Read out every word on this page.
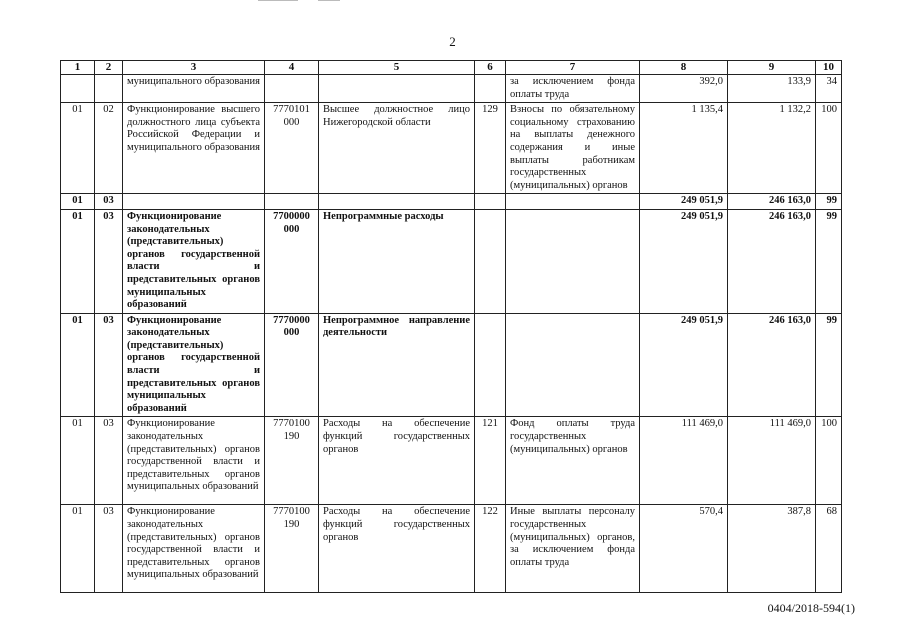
2
1	2	3	4	5	6	7	8	9	10
		муниципального образования				за исключением фонда оплаты труда	392,0	133,9	34
01	02	Функционирование высшего должностного лица субъекта Российской Федерации и муниципального образования	7770101 000	Высшее должностное лицо Нижегородской области	129	Взносы по обязательному социальному страхованию на выплаты денежного содержания и иные выплаты работникам государственных (муниципальных) органов	1 135,4	1 132,2	100
01	03						249 051,9	246 163,0	99
01	03	Функционирование законодательных (представительных) органов государственной власти и представительных органов муниципальных образований	7700000 000	Непрограммные расходы			249 051,9	246 163,0	99
01	03	Функционирование законодательных (представительных) органов государственной власти и представительных органов муниципальных образований	7770000 000	Непрограммное направление деятельности			249 051,9	246 163,0	99
01	03	Функционирование законодательных (представительных) органов государственной власти и представительных органов муниципальных образований	7770100 190	Расходы на обеспечение функций государственных органов	121	Фонд оплаты труда государственных (муниципальных) органов	111 469,0	111 469,0	100
01	03	Функционирование законодательных (представительных) органов государственной власти и представительных органов муниципальных образований	7770100 190	Расходы на обеспечение функций государственных органов	122	Иные выплаты персоналу государственных (муниципальных) органов, за исключением фонда оплаты труда	570,4	387,8	68
0404/2018-594(1)
